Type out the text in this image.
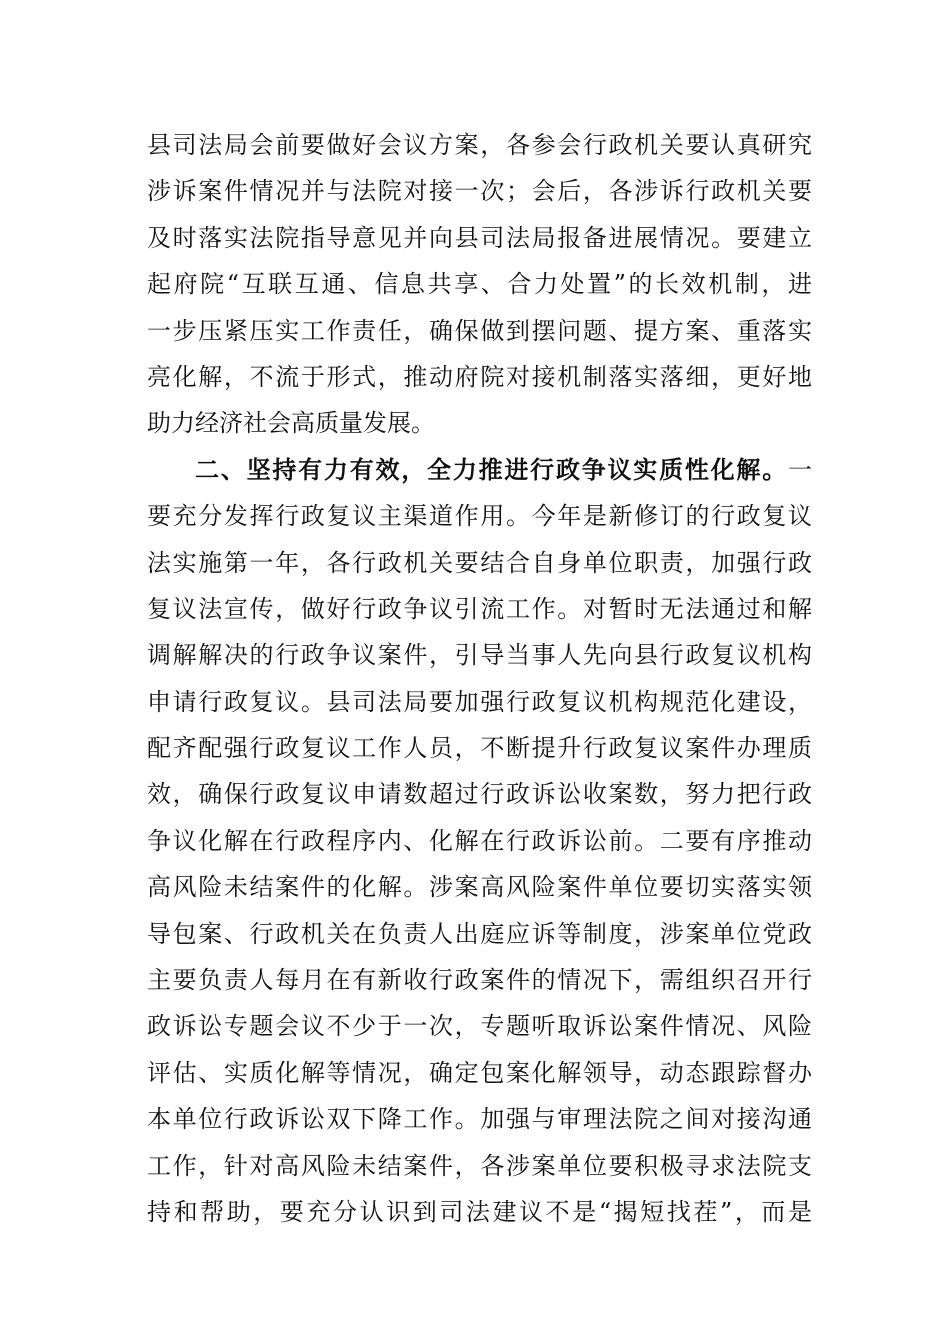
县司法局会前要做好会议方案，各参会行政机关要认真研究
涉诉案件情况并与法院对接一次；会后，各涉诉行政机关要
及时落实法院指导意见并向县司法局报备进展情况。要建立
起府院“互联互通、信息共享、合力处置”的长效机制，进
一步压紧压实工作责任，确保做到摆问题、提方案、重落实
亮化解，不流于形式，推动府院对接机制落实落细，更好地
助力经济社会高质量发展。
二、坚持有力有效，全力推进行政争议实质性化解。一
要充分发挥行政复议主渠道作用。今年是新修订的行政复议
法实施第一年，各行政机关要结合自身单位职责，加强行政
复议法宣传，做好行政争议引流工作。对暂时无法通过和解
调解解决的行政争议案件，引导当事人先向县行政复议机构
申请行政复议。县司法局要加强行政复议机构规范化建设，
配齐配强行政复议工作人员，不断提升行政复议案件办理质
效，确保行政复议申请数超过行政诉讼收案数，努力把行政
争议化解在行政程序内、化解在行政诉讼前。二要有序推动
高风险未结案件的化解。涉案高风险案件单位要切实落实领
导包案、行政机关在负责人出庭应诉等制度，涉案单位党政
主要负责人每月在有新收行政案件的情况下，需组织召开行
政诉讼专题会议不少于一次，专题听取诉讼案件情况、风险
评估、实质化解等情况，确定包案化解领导，动态跟踪督办
本单位行政诉讼双下降工作。加强与审理法院之间对接沟通
工作，针对高风险未结案件，各涉案单位要积极寻求法院支
持和帮助，要充分认识到司法建议不是“揭短找茬”，而是
